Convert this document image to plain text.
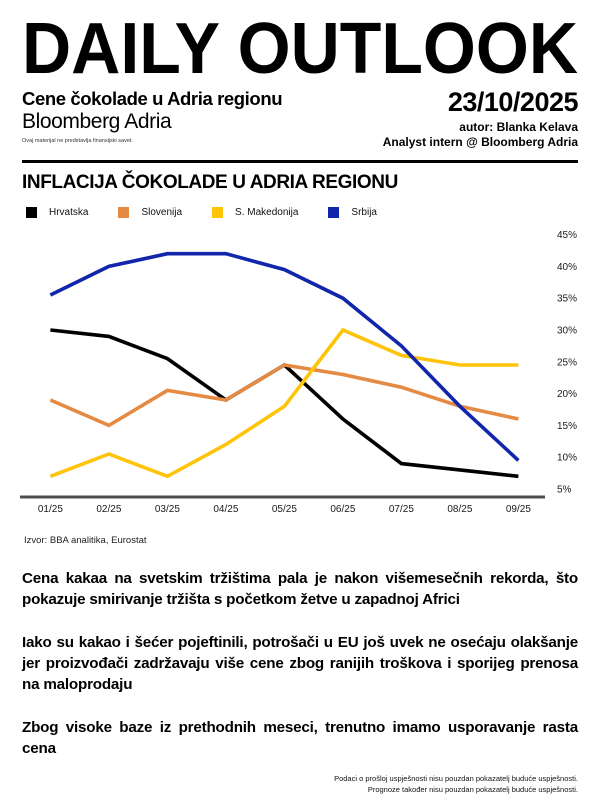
DAILY OUTLOOK
Cene čokolade u Adria regionu
Bloomberg Adria
Ovaj materijal ne predstavlja finansijski savet.
23/10/2025
autor: Blanka Kelava
Analyst intern @ Bloomberg Adria
INFLACIJA ČOKOLADE U ADRIA REGIONU
Hrvatska	Slovenija	S. Makedonija	Srbija
45%
40%
35%
30%
25%
20%
15%
10%
5%
01/25	02/25	03/25	04/25	05/25	06/25	07/25	08/25	09/25
Izvor: BBA analitika, Eurostat

Cena kakaa na svetskim tržištima pala je nakon višemesečnih rekorda, što pokazuje smirivanje tržišta s početkom žetve u zapadnoj Africi

Iako su kakao i šećer pojeftinili, potrošači u EU još uvek ne osećaju olakšanje jer proizvođači zadržavaju više cene zbog ranijih troškova i sporijeg prenosa na maloprodaju

Zbog visoke baze iz prethodnih meseci, trenutno imamo usporavanje rasta cena

Podaci o prošloj uspješnosti nisu pouzdan pokazatelj buduće uspješnosti.
Prognoze također nisu pouzdan pokazatelj buduće uspješnosti.
